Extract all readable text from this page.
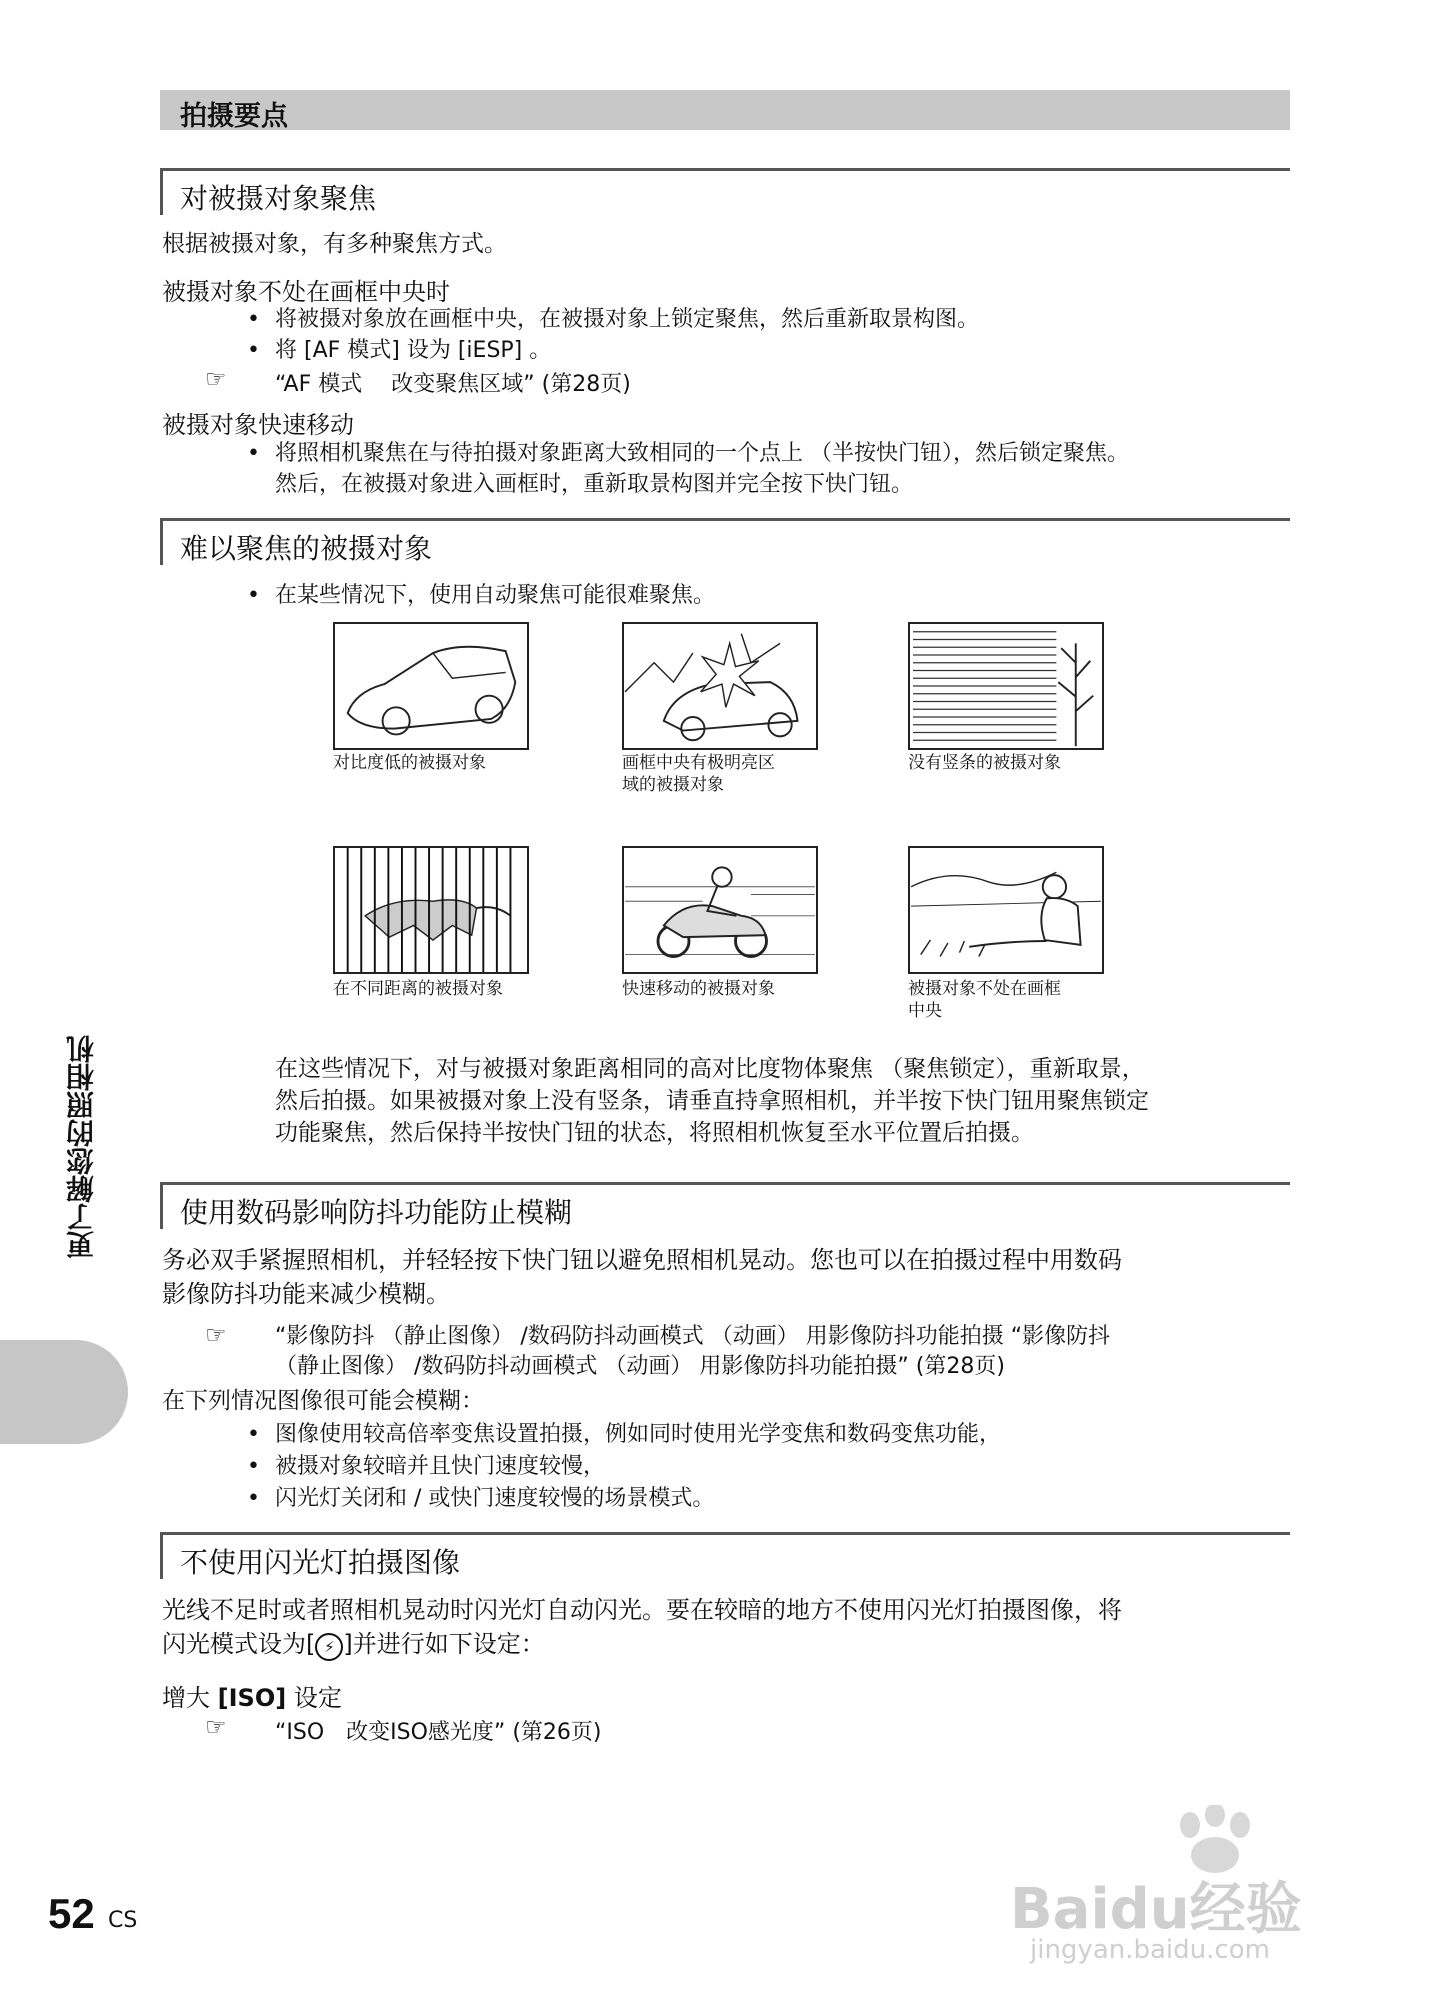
拍摄要点
对被摄对象聚焦
根据被摄对象，有多种聚焦方式。
被摄对象不处在画框中央时
• 将被摄对象放在画框中央，在被摄对象上锁定聚焦，然后重新取景构图。
• 将 [AF 模式] 设为 [iESP] 。
☞ “AF 模式　 改变聚焦区域” (第28页)
被摄对象快速移动
• 将照相机聚焦在与待拍摄对象距离大致相同的一个点上 （半按快门钮），然后锁定聚焦。
然后，在被摄对象进入画框时，重新取景构图并完全按下快门钮。
难以聚焦的被摄对象
• 在某些情况下，使用自动聚焦可能很难聚焦。
对比度低的被摄对象	画框中央有极明亮区
域的被摄对象
没有竖条的被摄对象
在不同距离的被摄对象	快速移动的被摄对象	被摄对象不处在画框
中央
在这些情况下，对与被摄对象距离相同的高对比度物体聚焦 （聚焦锁定），重新取景，
然后拍摄。如果被摄对象上没有竖条，请垂直持拿照相机，并半按下快门钮用聚焦锁定
功能聚焦，然后保持半按快门钮的状态，将照相机恢复至水平位置后拍摄。
使用数码影响防抖功能防止模糊
务必双手紧握照相机，并轻轻按下快门钮以避免照相机晃动。您也可以在拍摄过程中用数码
影像防抖功能来减少模糊。
☞ “影像防抖 （静止图像） /数码防抖动画模式 （动画） 用影像防抖功能拍摄 “影像防抖
（静止图像） /数码防抖动画模式 （动画） 用影像防抖功能拍摄” (第28页)
在下列情况图像很可能会模糊：
• 图像使用较高倍率变焦设置拍摄，例如同时使用光学变焦和数码变焦功能，
• 被摄对象较暗并且快门速度较慢，
• 闪光灯关闭和 / 或快门速度较慢的场景模式。
不使用闪光灯拍摄图像
光线不足时或者照相机晃动时闪光灯自动闪光。要在较暗的地方不使用闪光灯拍摄图像，将
闪光模式设为[ ⚡ ]并进行如下设定：
增大 [ISO] 设定
☞ “ISO　改变ISO感光度” (第26页)
更了解您的照相机
52 CS	Baidu经验
jingyan.baidu.com
